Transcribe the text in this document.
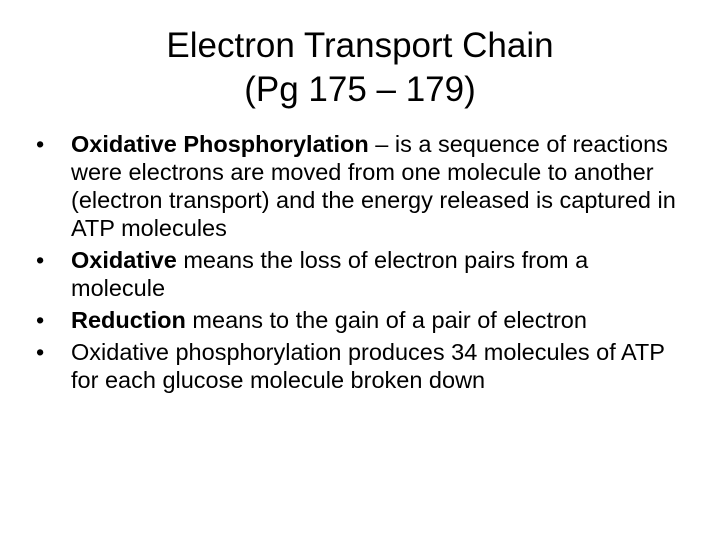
Electron Transport Chain
(Pg 175 – 179)
•	Oxidative Phosphorylation – is a sequence of reactions were electrons are moved from one molecule to another (electron transport) and the energy released is captured in ATP molecules
•	Oxidative means the loss of electron pairs from a molecule
•	Reduction means to the gain of a pair of electron
•	Oxidative phosphorylation produces 34 molecules of ATP for each glucose molecule broken down
